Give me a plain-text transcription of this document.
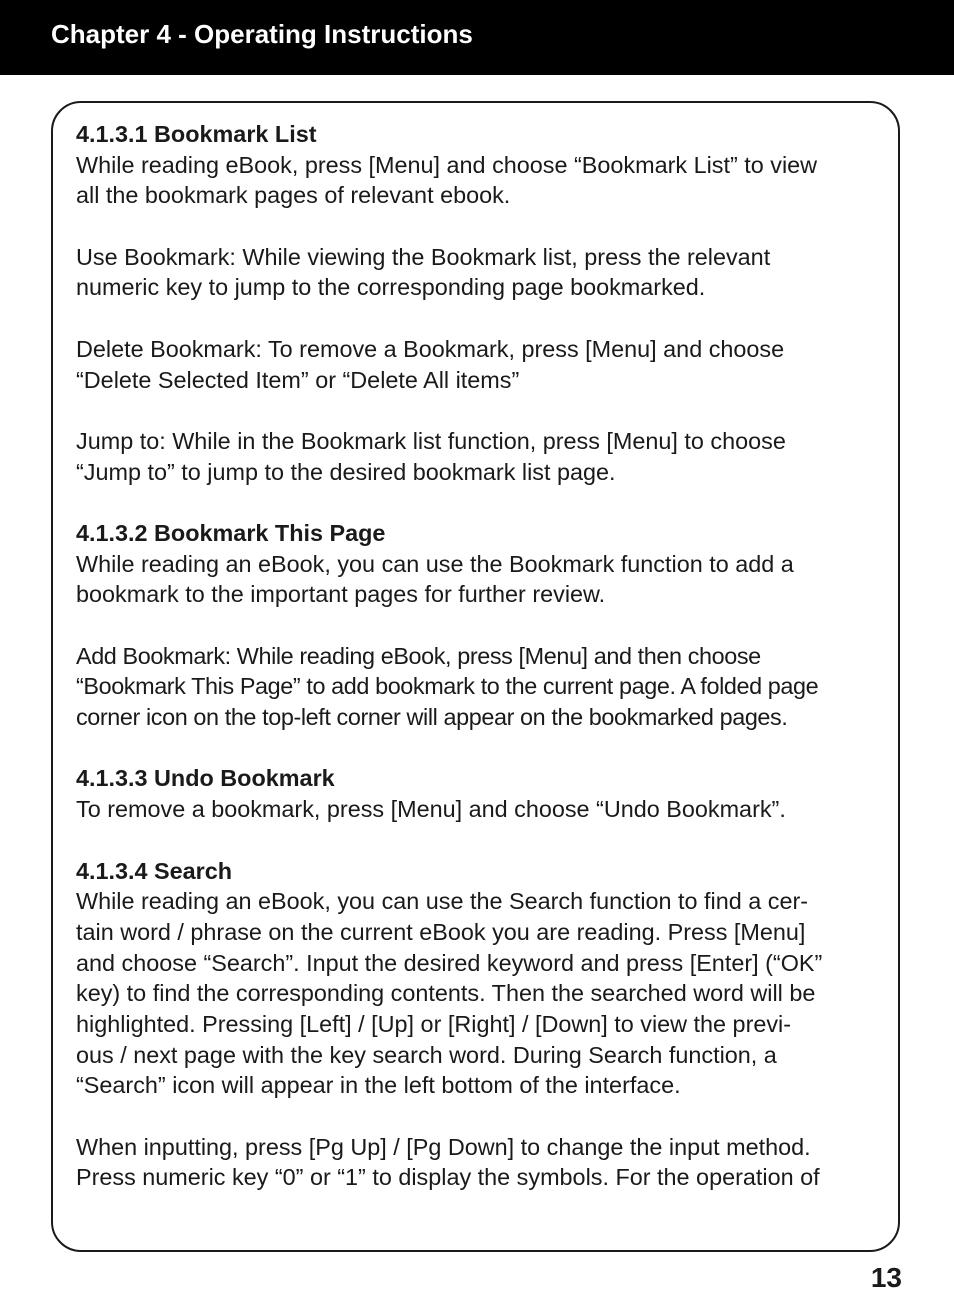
Chapter 4 - Operating Instructions
4.1.3.1 Bookmark List
While reading eBook, press [Menu] and choose “Bookmark List” to view
all the bookmark pages of relevant ebook.
Use Bookmark: While viewing the Bookmark list, press the relevant
numeric key to jump to the corresponding page bookmarked.
Delete Bookmark: To remove a Bookmark, press [Menu] and choose
“Delete Selected Item” or “Delete All items”
Jump to: While in the Bookmark list function, press [Menu] to choose
“Jump to” to jump to the desired bookmark list page.
4.1.3.2 Bookmark This Page
While reading an eBook, you can use the Bookmark function to add a
bookmark to the important pages for further review.
Add Bookmark: While reading eBook, press [Menu] and then choose
“Bookmark This Page” to add bookmark to the current page. A folded page
corner icon on the top-left corner will appear on the bookmarked pages.
4.1.3.3 Undo Bookmark
To remove a bookmark, press [Menu] and choose “Undo Bookmark”.
4.1.3.4 Search
While reading an eBook, you can use the Search function to find a cer-
tain word / phrase on the current eBook you are reading. Press [Menu]
and choose “Search”. Input the desired keyword and press [Enter] (“OK”
key) to find the corresponding contents. Then the searched word will be
highlighted. Pressing [Left] / [Up] or [Right] / [Down] to view the previ-
ous / next page with the key search word. During Search function, a
“Search” icon will appear in the left bottom of the interface.
When inputting, press [Pg Up] / [Pg Down] to change the input method.
Press numeric key “0” or “1” to display the symbols. For the operation of
13
